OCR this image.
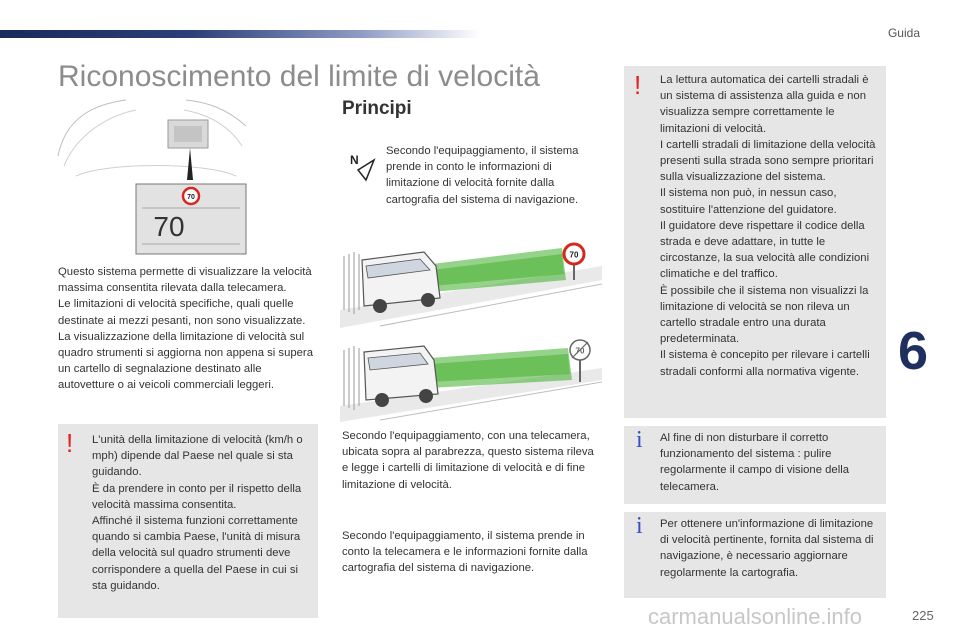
Guida
6
Riconoscimento del limite di velocità
70
70

Questo sistema permette di visualizzare la velocità massima consentita rilevata dalla telecamera.

Le limitazioni di velocità specifiche, quali quelle destinate ai mezzi pesanti, non sono visualizzate.

La visualizzazione della limitazione di velocità sul quadro strumenti si aggiorna non appena si supera un cartello di segnalazione destinato alle autovetture o ai veicoli commerciali leggeri.

L'unità della limitazione di velocità (km/h o mph) dipende dal Paese nel quale si sta guidando.

È da prendere in conto per il rispetto della velocità massima consentita.

Affinché il sistema funzioni correttamente quando si cambia Paese, l'unità di misura della velocità sul quadro strumenti deve corrispondere a quella del Paese in cui si sta guidando.

!
Principi
N

Secondo l'equipaggiamento, il sistema prende in conto le informazioni di limitazione di velocità fornite dalla cartografia del sistema di navigazione.

70
70

Secondo l'equipaggiamento, con una telecamera, ubicata sopra al parabrezza, questo sistema rileva e legge i cartelli di limitazione di velocità e di fine limitazione di velocità.

Secondo l'equipaggiamento, il sistema prende in conto la telecamera e le informazioni fornite dalla cartografia del sistema di navigazione.

La lettura automatica dei cartelli stradali è un sistema di assistenza alla guida e non visualizza sempre correttamente le limitazioni di velocità.

I cartelli stradali di limitazione della velocità presenti sulla strada sono sempre prioritari sulla visualizzazione del sistema.

Il sistema non può, in nessun caso, sostituire l'attenzione del guidatore.

Il guidatore deve rispettare il codice della strada e deve adattare, in tutte le circostanze, la sua velocità alle condizioni climatiche e del traffico.

È possibile che il sistema non visualizzi la limitazione di velocità se non rileva un cartello stradale entro una durata predeterminata.

Il sistema è concepito per rilevare i cartelli stradali conformi alla normativa vigente.

!

Al fine di non disturbare il corretto funzionamento del sistema : pulire regolarmente il campo di visione della telecamera.

i

Per ottenere un'informazione di limitazione di velocità pertinente, fornita dal sistema di navigazione, è necessario aggiornare regolarmente la cartografia.

i
carmanualsonline.info	225
